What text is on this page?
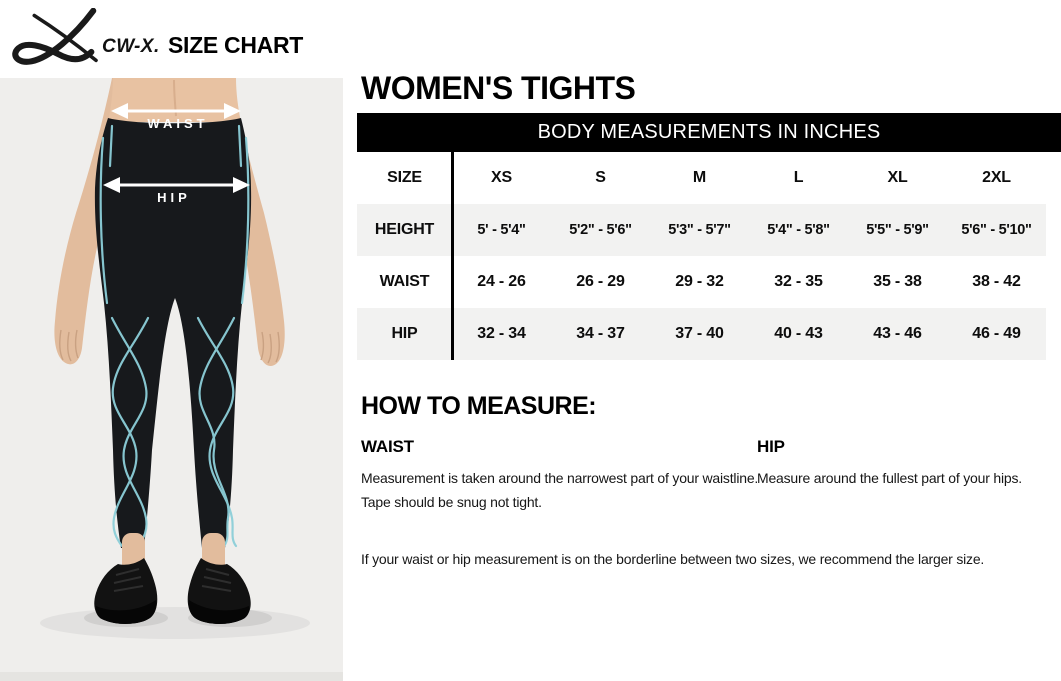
CW-X. SIZE CHART
WAIST
HIP
WOMEN'S TIGHTS
BODY MEASUREMENTS IN INCHES
SIZE	XS	S	M	L	XL	2XL
HEIGHT	5' - 5'4"	5'2" - 5'6"	5'3" - 5'7"	5'4" - 5'8"	5'5" - 5'9"	5'6" - 5'10"
WAIST	24 - 26	26 - 29	29 - 32	32 - 35	35 - 38	38 - 42
HIP	32 - 34	34 - 37	37 - 40	40 - 43	43 - 46	46 - 49
HOW TO MEASURE:
WAIST

Measurement is taken around the narrowest part of your waistline. Tape should be snug not tight.

HIP

Measure around the fullest part of your hips.

If your waist or hip measurement is on the borderline between two sizes, we recommend the larger size.
